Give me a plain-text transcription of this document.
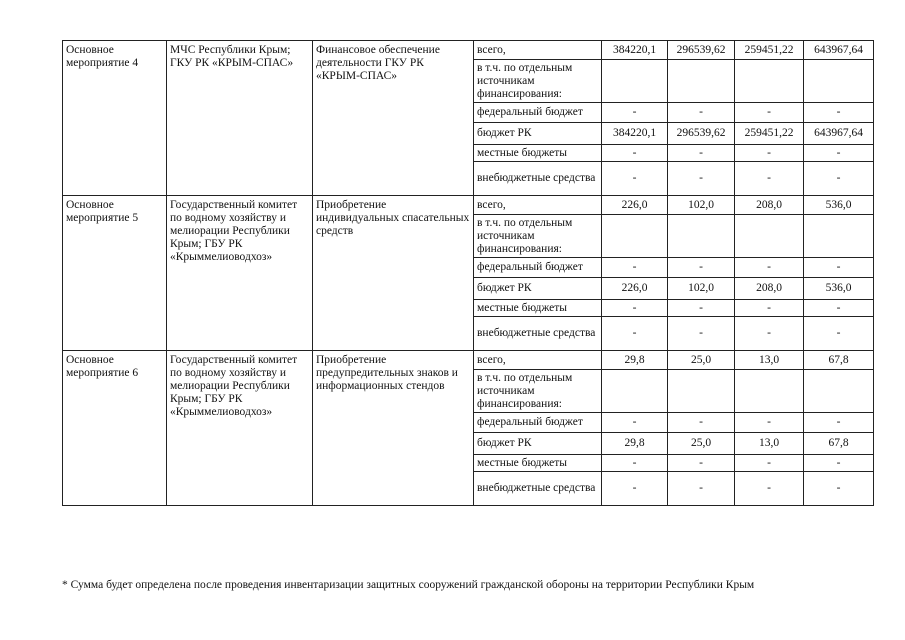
Основное мероприятие 4	МЧС Республики Крым; ГКУ РК «КРЫМ-СПАС»	Финансовое обеспечение деятельности ГКУ РК «КРЫМ-СПАС»	всего,	384220,1	296539,62	259451,22	643967,64
			в т.ч. по отдельным источникам финансирования:				
			федеральный бюджет	-	-	-	-
			бюджет РК	384220,1	296539,62	259451,22	643967,64
			местные бюджеты	-	-	-	-
			внебюджетные средства	-	-	-	-
Основное мероприятие 5	Государственный комитет по водному хозяйству и мелиорации Республики Крым; ГБУ РК «Крыммелиоводхоз»	Приобретение индивидуальных спасательных средств	всего,	226,0	102,0	208,0	536,0
			в т.ч. по отдельным источникам финансирования:				
			федеральный бюджет	-	-	-	-
			бюджет РК	226,0	102,0	208,0	536,0
			местные бюджеты	-	-	-	-
			внебюджетные средства	-	-	-	-
Основное мероприятие 6	Государственный комитет по водному хозяйству и мелиорации Республики Крым; ГБУ РК «Крыммелиоводхоз»	Приобретение предупредительных знаков и информационных стендов	всего,	29,8	25,0	13,0	67,8
			в т.ч. по отдельным источникам финансирования:				
			федеральный бюджет	-	-	-	-
			бюджет РК	29,8	25,0	13,0	67,8
			местные бюджеты	-	-	-	-
			внебюджетные средства	-	-	-	-
* Сумма будет определена после проведения инвентаризации защитных сооружений гражданской обороны на территории Республики Крым
